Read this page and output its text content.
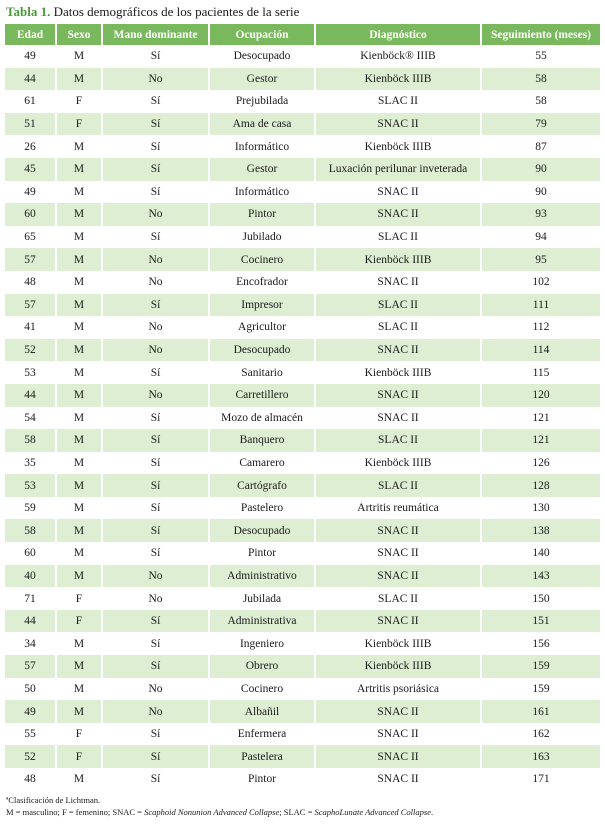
Tabla 1. Datos demográficos de los pacientes de la serie
Edad	Sexo	Mano dominante	Ocupación	Diagnóstico	Seguimiento (meses)
49	M	Sí	Desocupado	Kienböck® IIIB	55
44	M	No	Gestor	Kienböck IIIB	58
61	F	Sí	Prejubilada	SLAC II	58
51	F	Sí	Ama de casa	SNAC II	79
26	M	Sí	Informático	Kienböck IIIB	87
45	M	Sí	Gestor	Luxación perilunar inveterada	90
49	M	Sí	Informático	SNAC II	90
60	M	No	Pintor	SNAC II	93
65	M	Sí	Jubilado	SLAC II	94
57	M	No	Cocinero	Kienböck IIIB	95
48	M	No	Encofrador	SNAC II	102
57	M	Sí	Impresor	SLAC II	111
41	M	No	Agricultor	SLAC II	112
52	M	No	Desocupado	SNAC II	114
53	M	Sí	Sanitario	Kienböck IIIB	115
44	M	No	Carretillero	SNAC II	120
54	M	Sí	Mozo de almacén	SNAC II	121
58	M	Sí	Banquero	SLAC II	121
35	M	Sí	Camarero	Kienböck IIIB	126
53	M	Sí	Cartógrafo	SLAC II	128
59	M	Sí	Pastelero	Artritis reumática	130
58	M	Sí	Desocupado	SNAC II	138
60	M	Sí	Pintor	SNAC II	140
40	M	No	Administrativo	SNAC II	143
71	F	No	Jubilada	SLAC II	150
44	F	Sí	Administrativa	SNAC II	151
34	M	Sí	Ingeniero	Kienböck IIIB	156
57	M	Sí	Obrero	Kienböck IIIB	159
50	M	No	Cocinero	Artritis psoriásica	159
49	M	No	Albañil	SNAC II	161
55	F	Sí	Enfermera	SNAC II	162
52	F	Sí	Pastelera	SNAC II	163
48	M	Sí	Pintor	SNAC II	171
ªClasificación de Lichtman.
M = masculino; F = femenino; SNAC = Scaphoid Nonunion Advanced Collapse; SLAC = ScaphoLunate Advanced Collapse.
